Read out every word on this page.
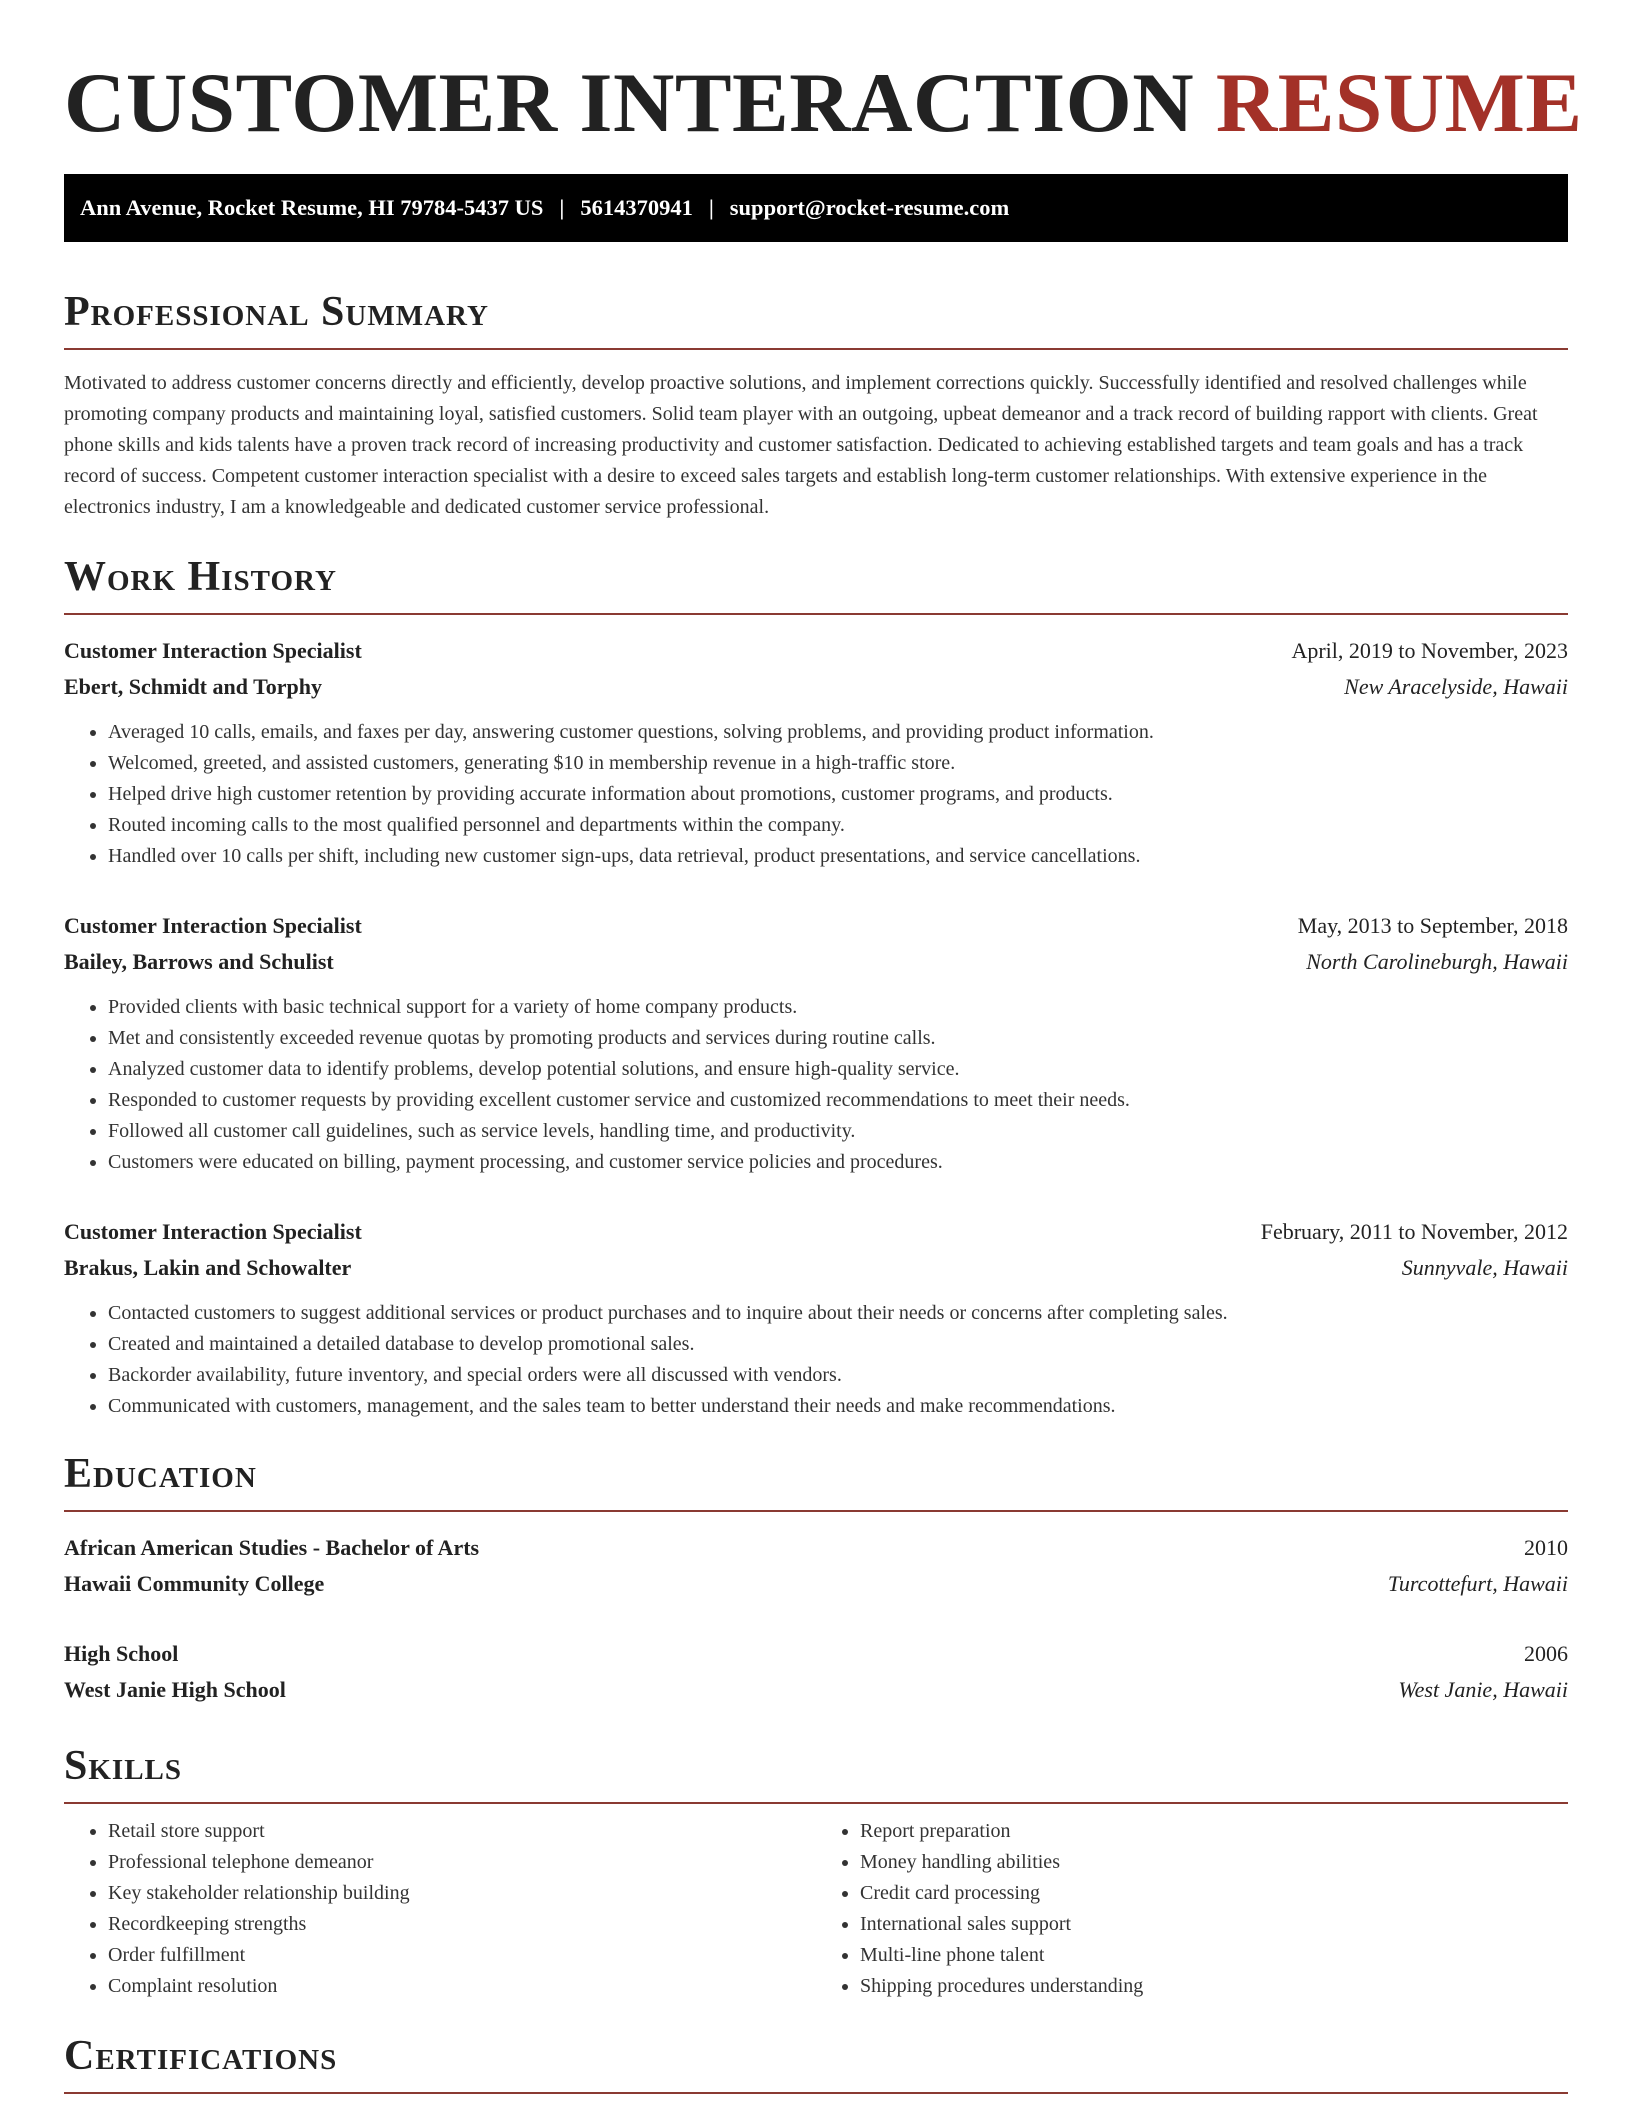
CUSTOMER INTERACTION RESUME
Ann Avenue, Rocket Resume, HI 79784-5437 US | 5614370941 | support@rocket-resume.com
Professional Summary

Motivated to address customer concerns directly and efficiently, develop proactive solutions, and implement corrections quickly. Successfully identified and resolved challenges while promoting company products and maintaining loyal, satisfied customers. Solid team player with an outgoing, upbeat demeanor and a track record of building rapport with clients. Great phone skills and kids talents have a proven track record of increasing productivity and customer satisfaction. Dedicated to achieving established targets and team goals and has a track record of success. Competent customer interaction specialist with a desire to exceed sales targets and establish long-term customer relationships. With extensive experience in the electronics industry, I am a knowledgeable and dedicated customer service professional.

Work History
Customer Interaction Specialist	April, 2019 to November, 2023
Ebert, Schmidt and Torphy	New Aracelyside, Hawaii
• Averaged 10 calls, emails, and faxes per day, answering customer questions, solving problems, and providing product information.
• Welcomed, greeted, and assisted customers, generating $10 in membership revenue in a high-traffic store.
• Helped drive high customer retention by providing accurate information about promotions, customer programs, and products.
• Routed incoming calls to the most qualified personnel and departments within the company.
• Handled over 10 calls per shift, including new customer sign-ups, data retrieval, product presentations, and service cancellations.
Customer Interaction Specialist	May, 2013 to September, 2018
Bailey, Barrows and Schulist	North Carolineburgh, Hawaii
• Provided clients with basic technical support for a variety of home company products.
• Met and consistently exceeded revenue quotas by promoting products and services during routine calls.
• Analyzed customer data to identify problems, develop potential solutions, and ensure high-quality service.
• Responded to customer requests by providing excellent customer service and customized recommendations to meet their needs.
• Followed all customer call guidelines, such as service levels, handling time, and productivity.
• Customers were educated on billing, payment processing, and customer service policies and procedures.
Customer Interaction Specialist	February, 2011 to November, 2012
Brakus, Lakin and Schowalter	Sunnyvale, Hawaii
• Contacted customers to suggest additional services or product purchases and to inquire about their needs or concerns after completing sales.
• Created and maintained a detailed database to develop promotional sales.
• Backorder availability, future inventory, and special orders were all discussed with vendors.
• Communicated with customers, management, and the sales team to better understand their needs and make recommendations.
Education
African American Studies - Bachelor of Arts	2010
Hawaii Community College	Turcottefurt, Hawaii
High School	2006
West Janie High School	West Janie, Hawaii
Skills
• Retail store support
• Professional telephone demeanor
• Key stakeholder relationship building
• Recordkeeping strengths
• Order fulfillment
• Complaint resolution
• Report preparation
• Money handling abilities
• Credit card processing
• International sales support
• Multi-line phone talent
• Shipping procedures understanding
Certifications
